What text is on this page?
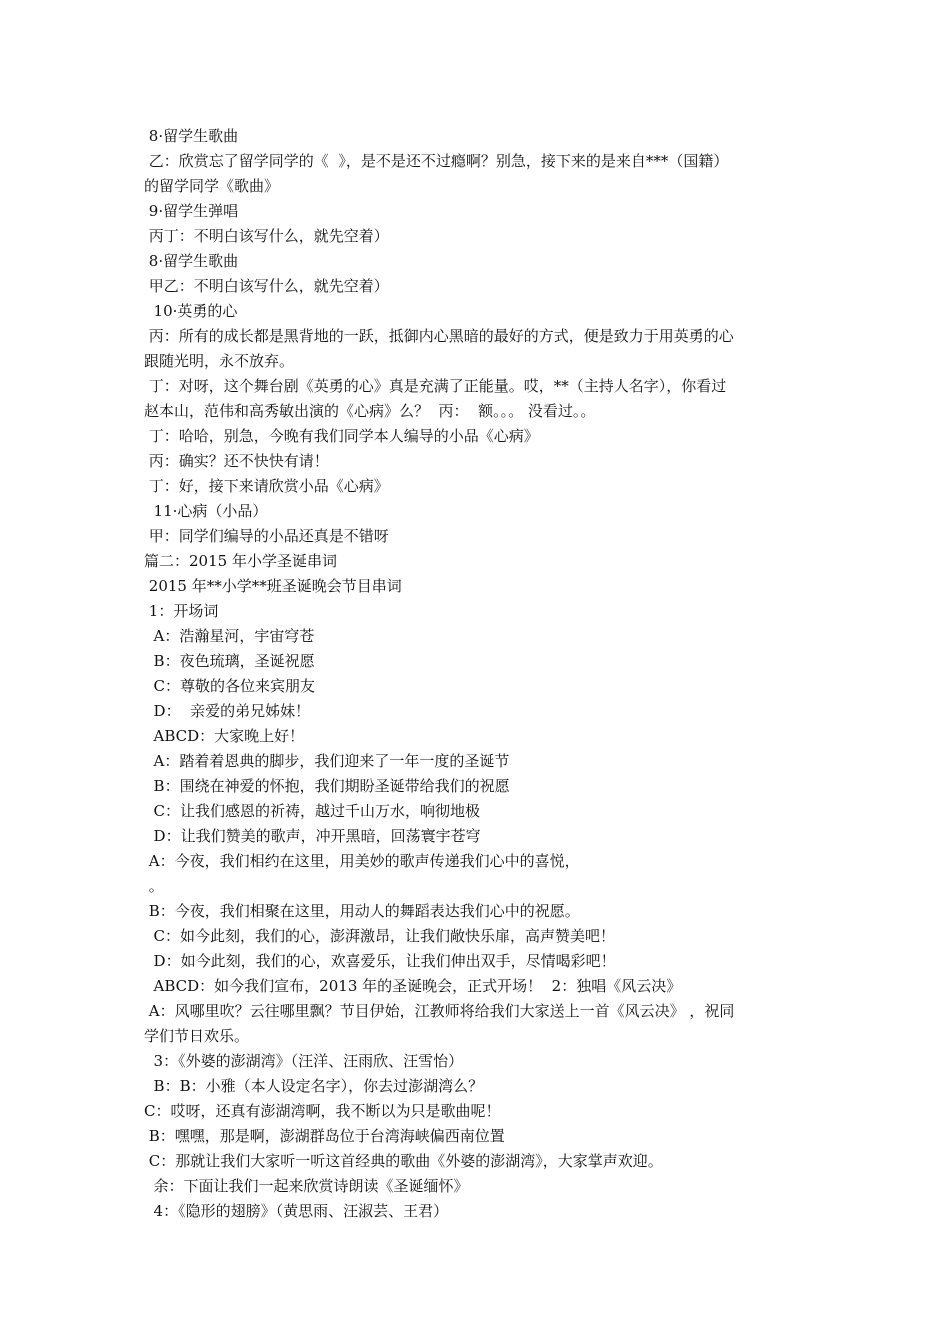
8·留学生歌曲

乙：欣赏忘了留学同学的《  》，是不是还不过瘾啊？别急，接下来的是来自***（国籍）

的留学同学《歌曲》

9·留学生弹唱

丙丁：不明白该写什么，就先空着）

8·留学生歌曲

甲乙：不明白该写什么，就先空着）

10·英勇的心

丙：所有的成长都是黑背地的一跃，抵御内心黑暗的最好的方式，便是致力于用英勇的心

跟随光明，永不放弃。

丁：对呀，这个舞台剧《英勇的心》真是充满了正能量。哎，**（主持人名字），你看过

赵本山，范伟和高秀敏出演的《心病》么？  丙：  额。。。 没看过。。

丁：哈哈，别急，今晚有我们同学本人编导的小品《心病》

丙：确实？还不快快有请！

丁：好，接下来请欣赏小品《心病》

11·心病（小品）

甲：同学们编导的小品还真是不错呀

篇二：2015 年小学圣诞串词

2015 年**小学**班圣诞晚会节目串词

1：开场词

A：浩瀚星河，宇宙穹苍

B：夜色琉璃，圣诞祝愿

C：尊敬的各位来宾朋友

D：  亲爱的弟兄姊妹！

ABCD：大家晚上好！

A：踏着着恩典的脚步，我们迎来了一年一度的圣诞节

B：围绕在神爱的怀抱，我们期盼圣诞带给我们的祝愿

C：让我们感恩的祈祷，越过千山万水，响彻地极

D：让我们赞美的歌声，冲开黑暗，回荡寰宇苍穹

A：今夜，我们相约在这里，用美妙的歌声传递我们心中的喜悦，

。

B：今夜，我们相聚在这里，用动人的舞蹈表达我们心中的祝愿。

C：如今此刻，我们的心，澎湃激昂，让我们敞快乐扉，高声赞美吧！

D：如今此刻，我们的心，欢喜爱乐，让我们伸出双手，尽情喝彩吧！

ABCD：如今我们宣布，2013 年的圣诞晚会，正式开场！  2：独唱《风云决》

A：风哪里吹？云往哪里飘？节目伊始，江教师将给我们大家送上一首《风云决》 ，祝同

学们节日欢乐。

3：《外婆的澎湖湾》（汪洋、汪雨欣、汪雪怡）

B：B：小雅（本人设定名字），你去过澎湖湾么？

C：哎呀，还真有澎湖湾啊，我不断以为只是歌曲呢！

B：嘿嘿，那是啊，澎湖群岛位于台湾海峡偏西南位置

C：那就让我们大家听一听这首经典的歌曲《外婆的澎湖湾》，大家掌声欢迎。

余：下面让我们一起来欣赏诗朗读《圣诞缅怀》

4：《隐形的翅膀》（黄思雨、汪淑芸、王君）
